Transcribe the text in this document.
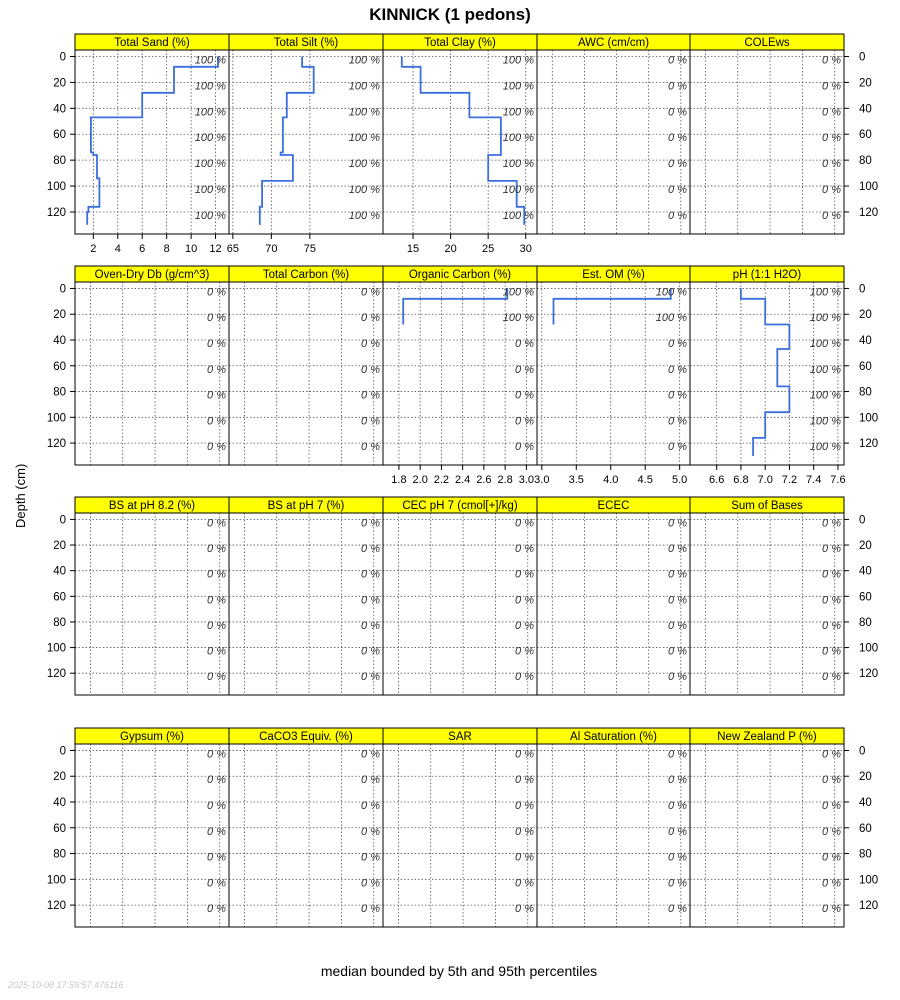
KINNICK (1 pedons)
Total Sand (%)
100 %
100 %
100 %
100 %
100 %
100 %
100 %
2 4 6 8 10 12
Total Silt (%)
100 %
100 %
100 %
100 %
100 %
100 %
100 %
65 70 75
Total Clay (%)
100 %
100 %
100 %
100 %
100 %
100 %
100 %
15 20 25 30
AWC (cm/cm)
0 %
0 %
0 %
0 %
0 %
0 %
0 %
COLEws
0 %
0 %
0 %
0 %
0 %
0 %
0 %
Oven-Dry Db (g/cm^3)
0 %
0 %
0 %
0 %
0 %
0 %
0 %
Total Carbon (%)
0 %
0 %
0 %
0 %
0 %
0 %
0 %
Organic Carbon (%)
100 %
100 %
0 %
0 %
0 %
0 %
0 %
1.8 2.0 2.2 2.4 2.6 2.8 3.0
Est. OM (%)
100 %
100 %
0 %
0 %
0 %
0 %
0 %
3.0 3.5 4.0 4.5 5.0
pH (1:1 H2O)
100 %
100 %
100 %
100 %
100 %
100 %
100 %
6.6 6.8 7.0 7.2 7.4 7.6
BS at pH 8.2 (%)
0 %
0 %
0 %
0 %
0 %
0 %
0 %
BS at pH 7 (%)
0 %
0 %
0 %
0 %
0 %
0 %
0 %
CEC pH 7 (cmol[+]/kg)
0 %
0 %
0 %
0 %
0 %
0 %
0 %
ECEC
0 %
0 %
0 %
0 %
0 %
0 %
0 %
Sum of Bases
0 %
0 %
0 %
0 %
0 %
0 %
0 %
Gypsum (%)
0 %
0 %
0 %
0 %
0 %
0 %
0 %
CaCO3 Equiv. (%)
0 %
0 %
0 %
0 %
0 %
0 %
0 %
SAR
0 %
0 %
0 %
0 %
0 %
0 %
0 %
Al Saturation (%)
0 %
0 %
0 %
0 %
0 %
0 %
0 %
New Zealand P (%)
0 %
0 %
0 %
0 %
0 %
0 %
0 %
0
20
40
60
80
100
120
0
20
40
60
80
100
120
0
20
40
60
80
100
120
0
20
40
60
80
100
120
0
20
40
60
80
100
120
0
20
40
60
80
100
120
0
20
40
60
80
100
120
0
20
40
60
80
100
120
Depth (cm)
median bounded by 5th and 95th percentiles
2025-10-08 17:59:57.476116
